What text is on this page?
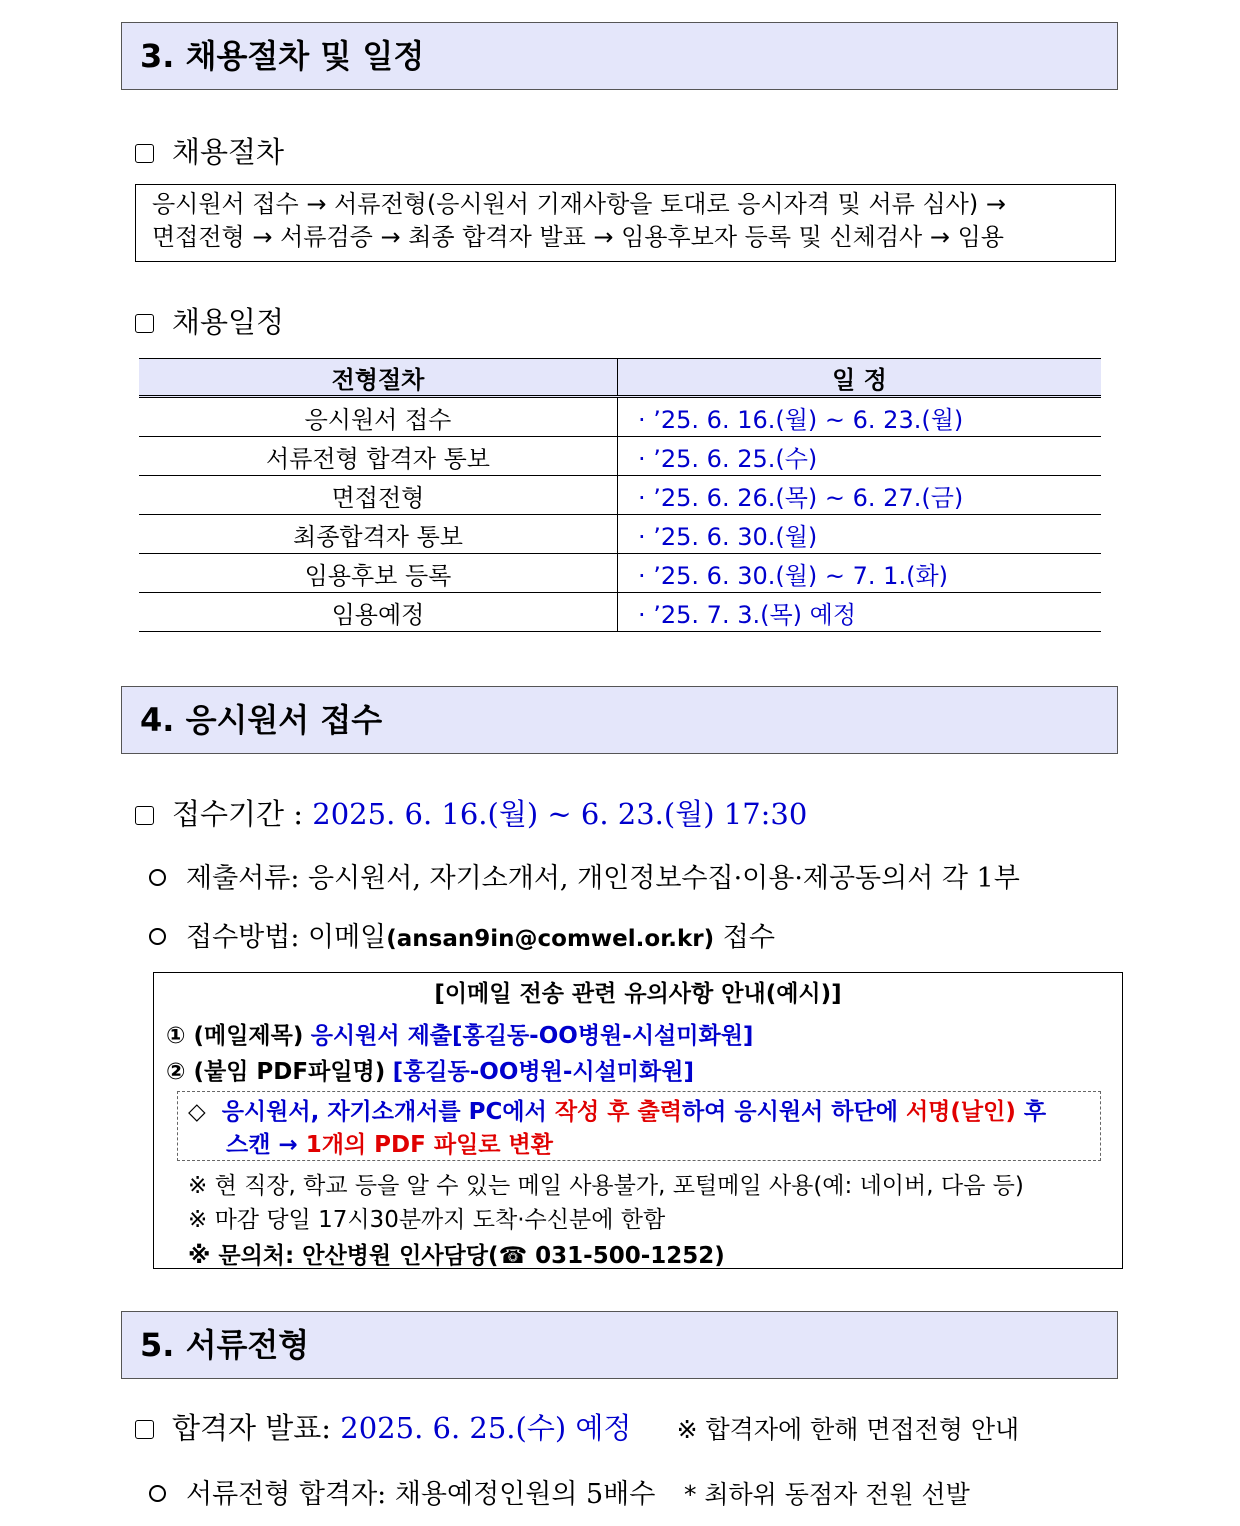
3. 채용절차 및 일정
채용절차
응시원서 접수 → 서류전형(응시원서 기재사항을 토대로 응시자격 및 서류 심사) →
면접전형 → 서류검증 → 최종 합격자 발표 → 임용후보자 등록 및 신체검사 → 임용
채용일정
전형절차	일 정
응시원서 접수	· ’25. 6. 16.(월) ~ 6. 23.(월)
서류전형 합격자 통보	· ’25. 6. 25.(수)
면접전형	· ’25. 6. 26.(목) ~ 6. 27.(금)
최종합격자 통보	· ’25. 6. 30.(월)
임용후보 등록	· ’25. 6. 30.(월) ~ 7. 1.(화)
임용예정	· ’25. 7. 3.(목) 예정
4. 응시원서 접수
접수기간 : 2025. 6. 16.(월) ~ 6. 23.(월) 17:30
제출서류: 응시원서, 자기소개서, 개인정보수집·이용·제공동의서 각 1부
접수방법: 이메일(ansan9in@comwel.or.kr) 접수
[이메일 전송 관련 유의사항 안내(예시)]
① (메일제목) 응시원서 제출[홍길동-OO병원-시설미화원]
② (붙임 PDF파일명) [홍길동-OO병원-시설미화원]
◇ 응시원서, 자기소개서를 PC에서 작성 후 출력하여 응시원서 하단에 서명(날인) 후
스캔 → 1개의 PDF 파일로 변환
※ 현 직장, 학교 등을 알 수 있는 메일 사용불가, 포털메일 사용(예: 네이버, 다음 등)
※ 마감 당일 17시30분까지 도착·수신분에 한함
※ 문의처: 안산병원 인사담당(☎ 031-500-1252)
5. 서류전형
합격자 발표: 2025. 6. 25.(수) 예정 ※ 합격자에 한해 면접전형 안내
서류전형 합격자: 채용예정인원의 5배수 * 최하위 동점자 전원 선발
